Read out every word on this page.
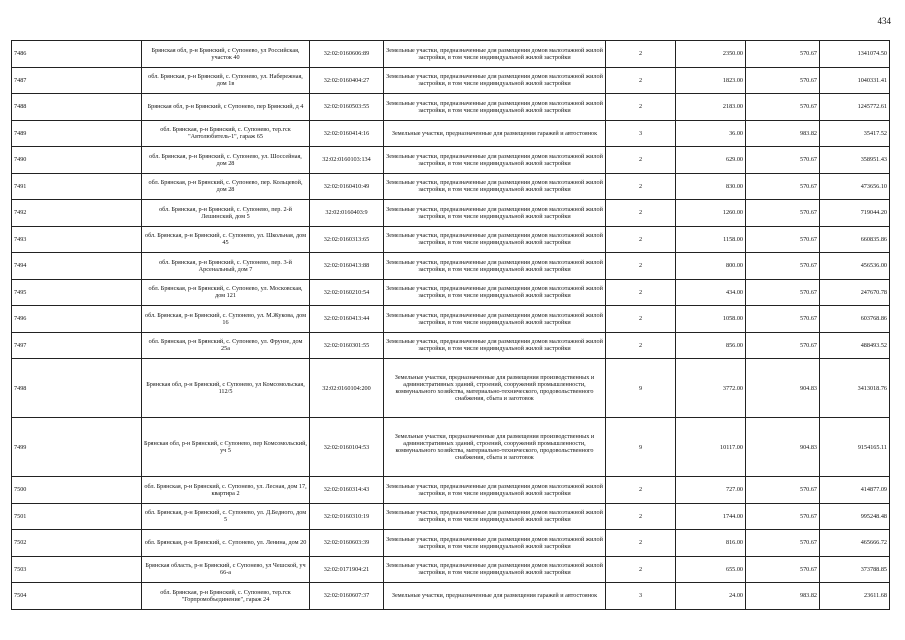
434
7486	Брянская обл, р-н Брянский, с Супонево, ул Российская, участок 40	32:02:0160606:89	Земельные участки, предназначенные для размещения домов малоэтажной жилой застройки, в том числе индивидуальной жилой застройки	2	2350.00	570.67	1341074.50
7487	обл. Брянская, р-н Брянский, с. Супонево, ул. Набережная, дом 1в	32:02:0160404:27	Земельные участки, предназначенные для размещения домов малоэтажной жилой застройки, в том числе индивидуальной жилой застройки	2	1823.00	570.67	1040331.41
7488	Брянская обл, р-н Брянский, с Супонево, пер Брянский, д 4	32:02:0160503:55	Земельные участки, предназначенные для размещения домов малоэтажной жилой застройки, в том числе индивидуальной жилой застройки	2	2183.00	570.67	1245772.61
7489	обл. Брянская, р-н Брянский, с. Супонево, тер.гск "Автолюбитель-1", гараж 65	32:02:0160414:16	Земельные участки, предназначенные для размещения гаражей и автостоянок	3	36.00	983.82	35417.52
7490	обл. Брянская, р-н Брянский, с. Супонево, ул. Шоссейная, дом 28	32:02:0160103:134	Земельные участки, предназначенные для размещения домов малоэтажной жилой застройки, в том числе индивидуальной жилой застройки	2	629.00	570.67	358951.43
7491	обл. Брянская, р-н Брянский, с. Супонево, пер. Кольцевой, дом 28	32:02:0160410:49	Земельные участки, предназначенные для размещения домов малоэтажной жилой застройки, в том числе индивидуальной жилой застройки	2	830.00	570.67	473656.10
7492	обл. Брянская, р-н Брянский, с. Супонево, пер. 2-й Лешинский, дом 5	32:02:0160403:9	Земельные участки, предназначенные для размещения домов малоэтажной жилой застройки, в том числе индивидуальной жилой застройки	2	1260.00	570.67	719044.20
7493	обл. Брянская, р-н Брянский, с. Супонево, ул. Школьная, дом 45	32:02:0160313:65	Земельные участки, предназначенные для размещения домов малоэтажной жилой застройки, в том числе индивидуальной жилой застройки	2	1158.00	570.67	660835.86
7494	обл. Брянская, р-н Брянский, с. Супонево, пер. 3-й Арсенальный, дом 7	32:02:0160413:88	Земельные участки, предназначенные для размещения домов малоэтажной жилой застройки, в том числе индивидуальной жилой застройки	2	800.00	570.67	456536.00
7495	обл. Брянская, р-н Брянский, с. Супонево, ул. Московская, дом 121	32:02:0160210:54	Земельные участки, предназначенные для размещения домов малоэтажной жилой застройки, в том числе индивидуальной жилой застройки	2	434.00	570.67	247670.78
7496	обл. Брянская, р-н Брянский, с. Супонево, ул. М.Жукова, дом 16	32:02:0160413:44	Земельные участки, предназначенные для размещения домов малоэтажной жилой застройки, в том числе индивидуальной жилой застройки	2	1058.00	570.67	603768.86
7497	обл. Брянская, р-н Брянский, с. Супонево, ул. Фрунзе, дом 25а	32:02:0160301:55	Земельные участки, предназначенные для размещения домов малоэтажной жилой застройки, в том числе индивидуальной жилой застройки	2	856.00	570.67	488493.52
7498	Брянская обл, р-н Брянский, с Супонево, ул Комсомольская, 112/5	32:02:0160104:200	Земельные участки, предназначенные для размещения производственных и административных зданий, строений, сооружений промышленности, коммунального хозяйства, материально-технического, продовольственного снабжения, сбыта и заготовок	9	3772.00	904.83	3413018.76
7499	Брянская обл, р-н Брянский, с Супонево, пер Комсомольский, уч 5	32:02:0160104:53	Земельные участки, предназначенные для размещения производственных и административных зданий, строений, сооружений промышленности, коммунального хозяйства, материально-технического, продовольственного снабжения, сбыта и заготовок	9	10117.00	904.83	9154165.11
7500	обл. Брянская, р-н Брянский, с. Супонево, ул. Лесная, дом 17, квартира 2	32:02:0160314:43	Земельные участки, предназначенные для размещения домов малоэтажной жилой застройки, в том числе индивидуальной жилой застройки	2	727.00	570.67	414877.09
7501	обл. Брянская, р-н Брянский, с. Супонево, ул. Д.Бедного, дом 5	32:02:0160310:19	Земельные участки, предназначенные для размещения домов малоэтажной жилой застройки, в том числе индивидуальной жилой застройки	2	1744.00	570.67	995248.48
7502	обл. Брянская, р-н Брянский, с. Супонево, ул. Ленина, дом 20	32:02:0160603:39	Земельные участки, предназначенные для размещения домов малоэтажной жилой застройки, в том числе индивидуальной жилой застройки	2	816.00	570.67	465666.72
7503	Брянская область, р-н Брянский, с Супонево, ул Чешской, уч 66-а	32:02:0171904:21	Земельные участки, предназначенные для размещения домов малоэтажной жилой застройки, в том числе индивидуальной жилой застройки	2	655.00	570.67	373788.85
7504	обл. Брянская, р-н Брянский, с. Супонево, тер.гск "Горпромобъединение", гараж 24	32:02:0160607:37	Земельные участки, предназначенные для размещения гаражей и автостоянок	3	24.00	983.82	23611.68
